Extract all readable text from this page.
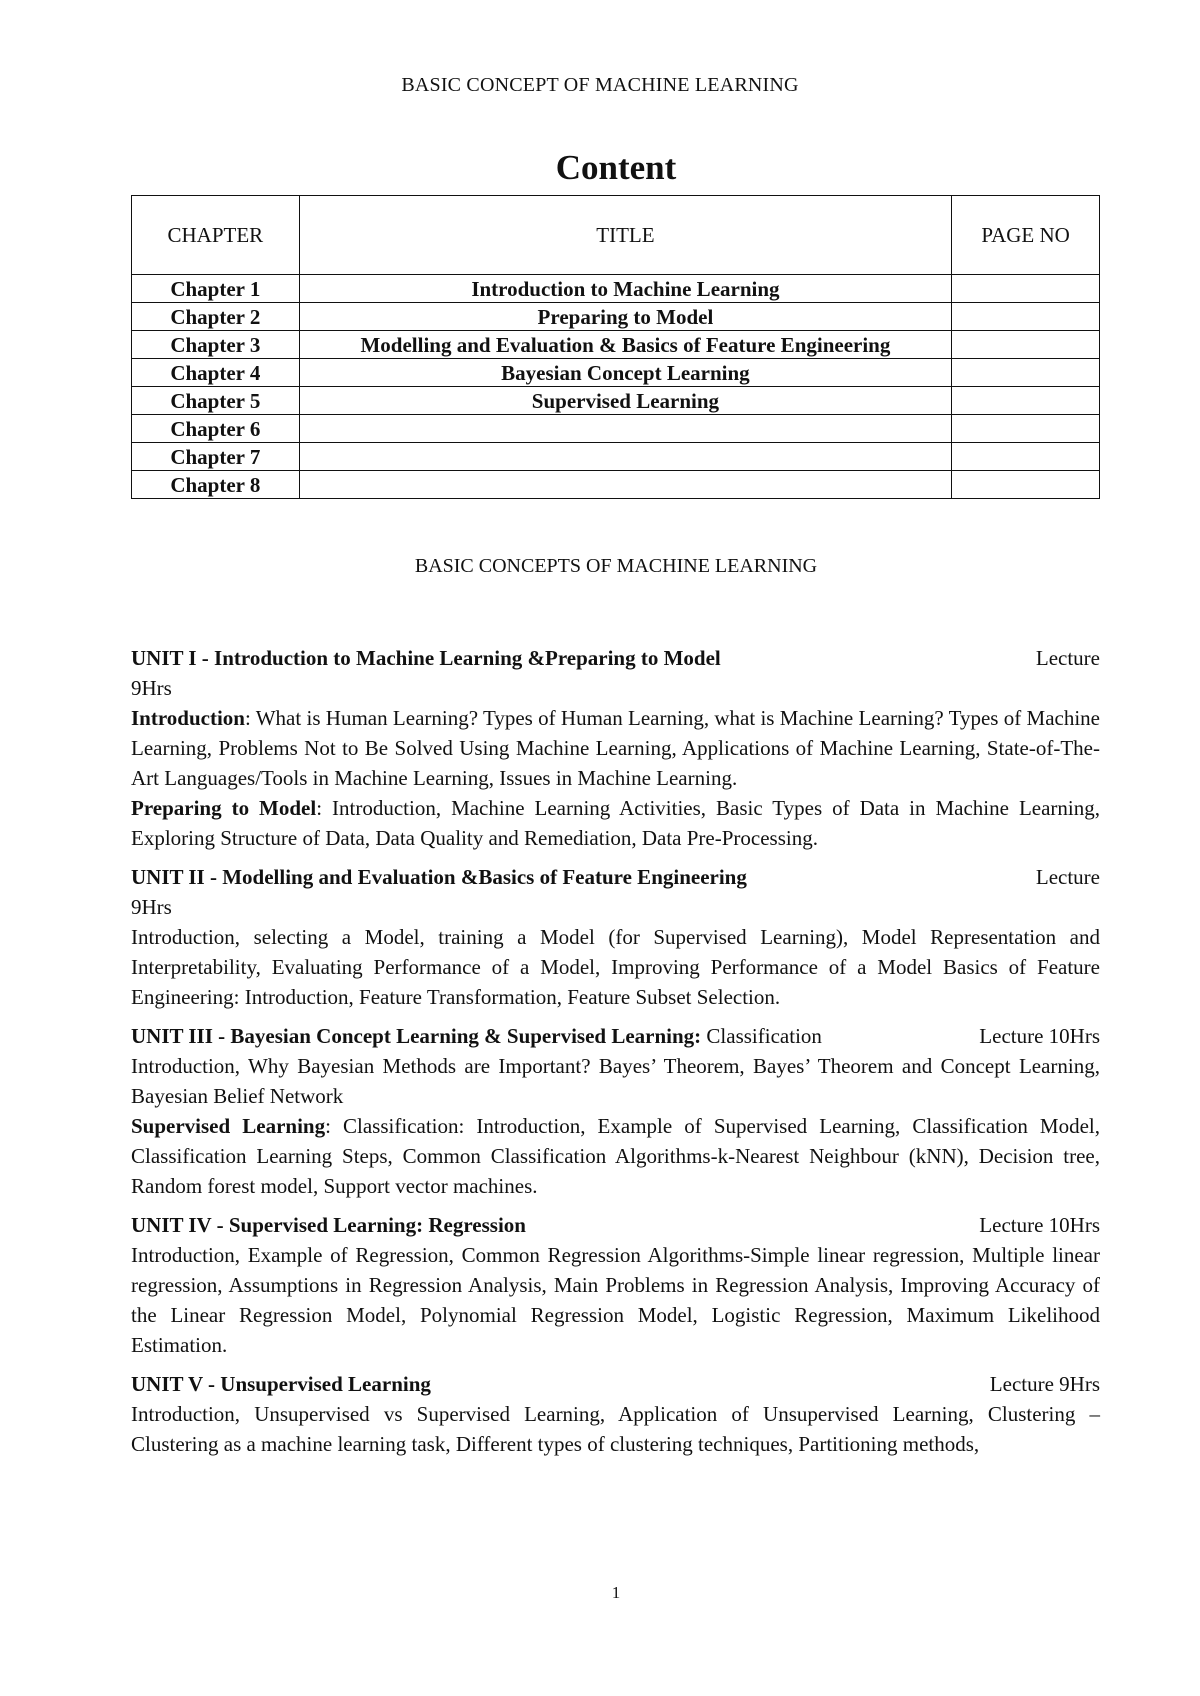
BASIC CONCEPT OF MACHINE LEARNING
Content
CHAPTER	TITLE	PAGE NO
Chapter 1	Introduction to Machine Learning	
Chapter 2	Preparing to Model	
Chapter 3	Modelling and Evaluation & Basics of Feature Engineering	
Chapter 4	Bayesian Concept Learning	
Chapter 5	Supervised Learning	
Chapter 6		
Chapter 7		
Chapter 8		
BASIC CONCEPTS OF MACHINE LEARNING
UNIT I - Introduction to Machine Learning &Preparing to Model	Lecture

9Hrs

Introduction: What is Human Learning? Types of Human Learning, what is Machine Learning? Types of Machine Learning, Problems Not to Be Solved Using Machine Learning, Applications of Machine Learning, State-of-The-Art Languages/Tools in Machine Learning, Issues in Machine Learning.

Preparing to Model: Introduction, Machine Learning Activities, Basic Types of Data in Machine Learning, Exploring Structure of Data, Data Quality and Remediation, Data Pre-Processing.

UNIT II - Modelling and Evaluation &Basics of Feature Engineering	Lecture

9Hrs

Introduction, selecting a Model, training a Model (for Supervised Learning), Model Representation and Interpretability, Evaluating Performance of a Model, Improving Performance of a Model Basics of Feature Engineering: Introduction, Feature Transformation, Feature Subset Selection.

UNIT III - Bayesian Concept Learning & Supervised Learning: Classification	Lecture 10Hrs

Introduction, Why Bayesian Methods are Important? Bayes’ Theorem, Bayes’ Theorem and Concept Learning, Bayesian Belief Network

Supervised Learning: Classification: Introduction, Example of Supervised Learning, Classification Model, Classification Learning Steps, Common Classification Algorithms-k-Nearest Neighbour (kNN), Decision tree, Random forest model, Support vector machines.

UNIT IV - Supervised Learning: Regression	Lecture 10Hrs

Introduction, Example of Regression, Common Regression Algorithms-Simple linear regression, Multiple linear regression, Assumptions in Regression Analysis, Main Problems in Regression Analysis, Improving Accuracy of the Linear Regression Model, Polynomial Regression Model, Logistic Regression, Maximum Likelihood Estimation.

UNIT V - Unsupervised Learning	Lecture 9Hrs

Introduction, Unsupervised vs Supervised Learning, Application of Unsupervised Learning, Clustering – Clustering as a machine learning task, Different types of clustering techniques, Partitioning methods,

1
